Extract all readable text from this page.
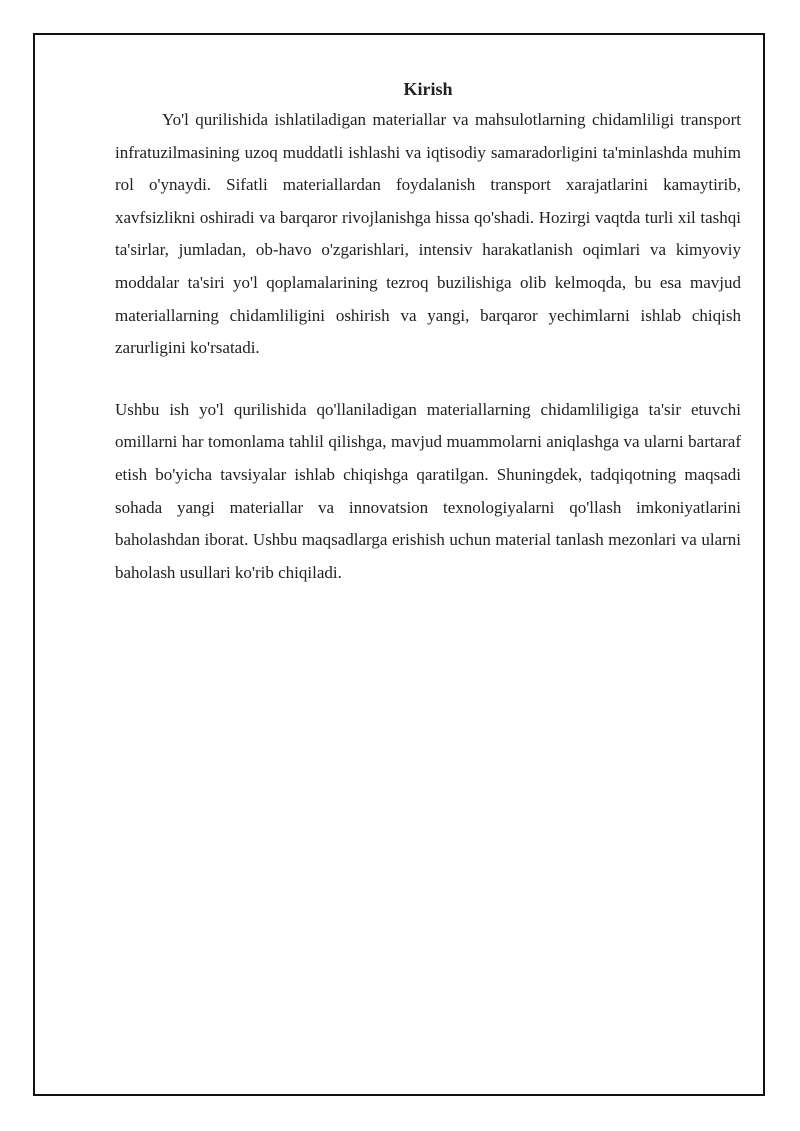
Kirish

Yo'l qurilishida ishlatiladigan materiallar va mahsulotlarning chidamliligi transport infratuzilmasining uzoq muddatli ishlashi va iqtisodiy samaradorligini ta'minlashda muhim rol o'ynaydi. Sifatli materiallardan foydalanish transport xarajatlarini kamaytirib, xavfsizlikni oshiradi va barqaror rivojlanishga hissa qo'shadi. Hozirgi vaqtda turli xil tashqi ta'sirlar, jumladan, ob-havo o'zgarishlari, intensiv harakatlanish oqimlari va kimyoviy moddalar ta'siri yo'l qoplamalarining tezroq buzilishiga olib kelmoqda, bu esa mavjud materiallarning chidamliligini oshirish va yangi, barqaror yechimlarni ishlab chiqish zarurligini ko'rsatadi.

Ushbu ish yo'l qurilishida qo'llaniladigan materiallarning chidamliligiga ta'sir etuvchi omillarni har tomonlama tahlil qilishga, mavjud muammolarni aniqlashga va ularni bartaraf etish bo'yicha tavsiyalar ishlab chiqishga qaratilgan. Shuningdek, tadqiqotning maqsadi sohada yangi materiallar va innovatsion texnologiyalarni qo'llash imkoniyatlarini baholashdan iborat. Ushbu maqsadlarga erishish uchun material tanlash mezonlari va ularni baholash usullari ko'rib chiqiladi.
